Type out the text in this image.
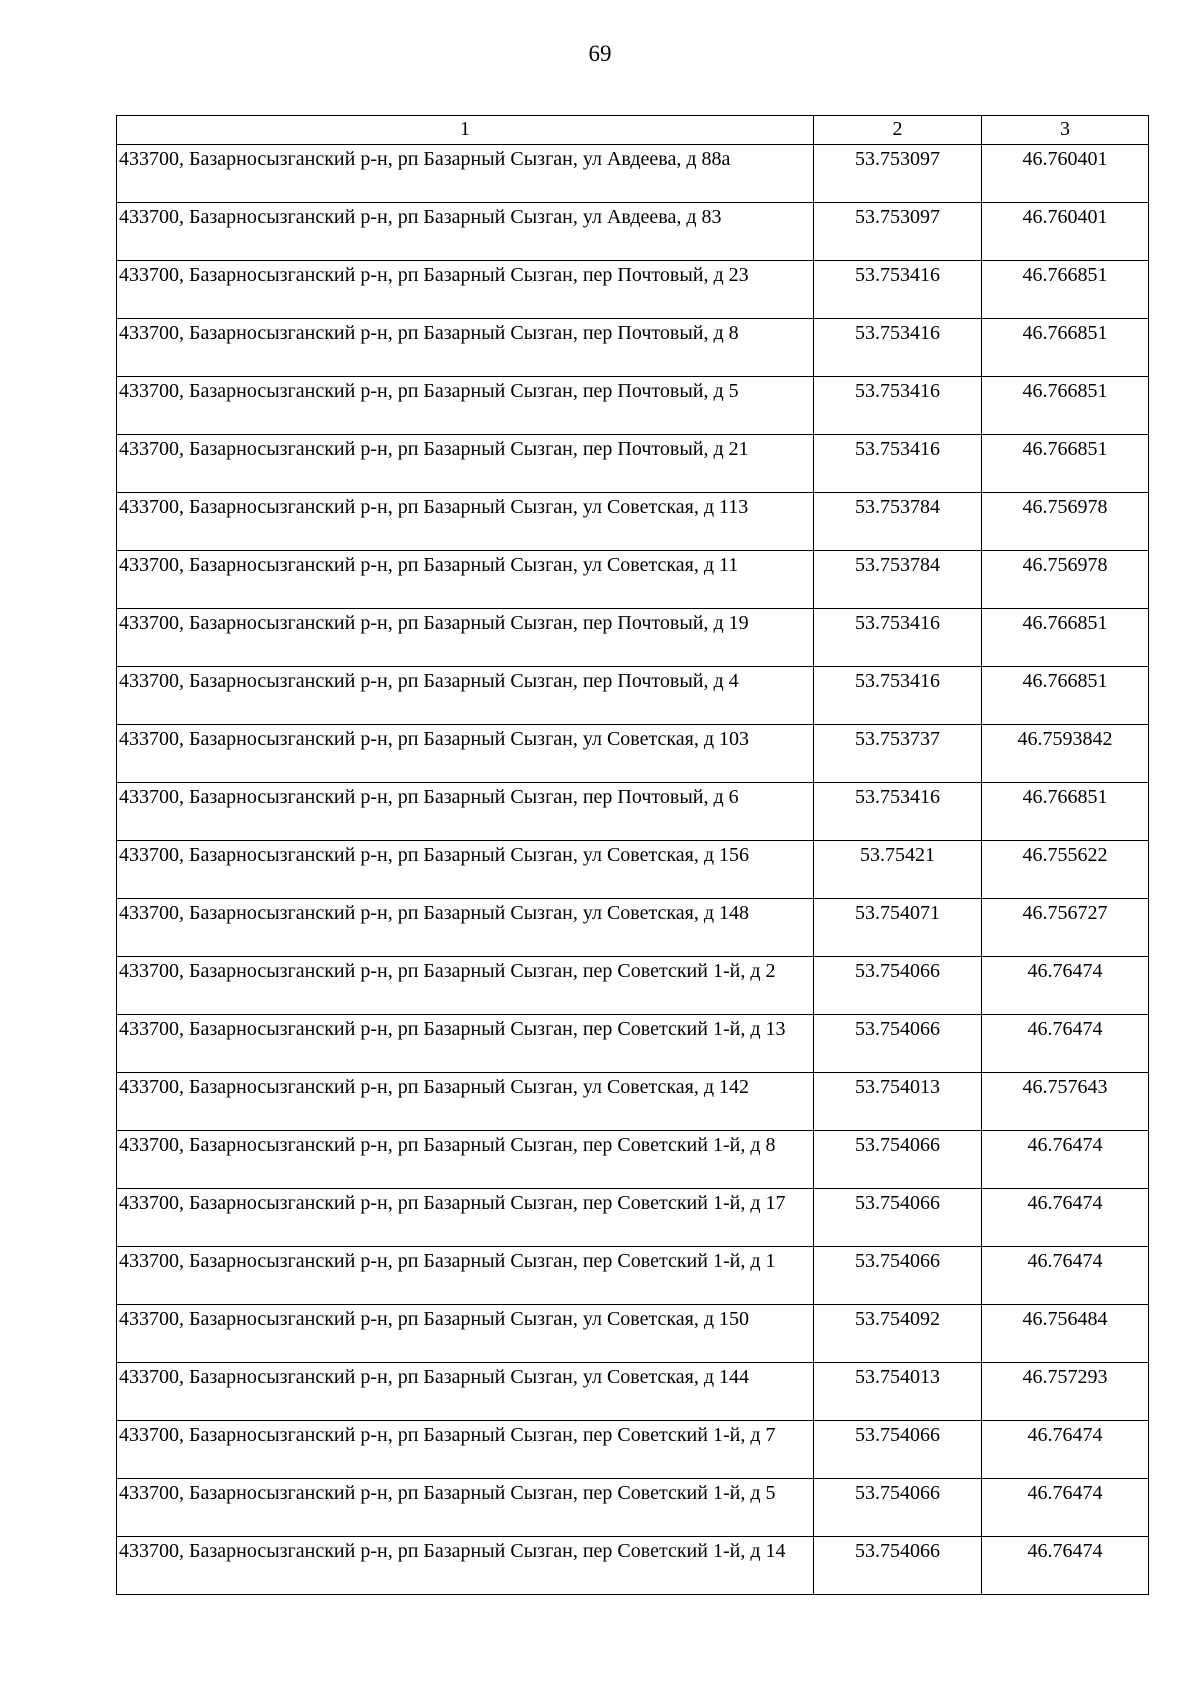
69
1	2	3
433700, Базарносызганский р-н, рп Базарный Сызган, ул Авдеева, д 88а	53.753097	46.760401
433700, Базарносызганский р-н, рп Базарный Сызган, ул Авдеева, д 83	53.753097	46.760401
433700, Базарносызганский р-н, рп Базарный Сызган, пер Почтовый, д 23	53.753416	46.766851
433700, Базарносызганский р-н, рп Базарный Сызган, пер Почтовый, д 8	53.753416	46.766851
433700, Базарносызганский р-н, рп Базарный Сызган, пер Почтовый, д 5	53.753416	46.766851
433700, Базарносызганский р-н, рп Базарный Сызган, пер Почтовый, д 21	53.753416	46.766851
433700, Базарносызганский р-н, рп Базарный Сызган, ул Советская, д 113	53.753784	46.756978
433700, Базарносызганский р-н, рп Базарный Сызган, ул Советская, д 11	53.753784	46.756978
433700, Базарносызганский р-н, рп Базарный Сызган, пер Почтовый, д 19	53.753416	46.766851
433700, Базарносызганский р-н, рп Базарный Сызган, пер Почтовый, д 4	53.753416	46.766851
433700, Базарносызганский р-н, рп Базарный Сызган, ул Советская, д 103	53.753737	46.7593842
433700, Базарносызганский р-н, рп Базарный Сызган, пер Почтовый, д 6	53.753416	46.766851
433700, Базарносызганский р-н, рп Базарный Сызган, ул Советская, д 156	53.75421	46.755622
433700, Базарносызганский р-н, рп Базарный Сызган, ул Советская, д 148	53.754071	46.756727
433700, Базарносызганский р-н, рп Базарный Сызган, пер Советский 1-й, д 2	53.754066	46.76474
433700, Базарносызганский р-н, рп Базарный Сызган, пер Советский 1-й, д 13	53.754066	46.76474
433700, Базарносызганский р-н, рп Базарный Сызган, ул Советская, д 142	53.754013	46.757643
433700, Базарносызганский р-н, рп Базарный Сызган, пер Советский 1-й, д 8	53.754066	46.76474
433700, Базарносызганский р-н, рп Базарный Сызган, пер Советский 1-й, д 17	53.754066	46.76474
433700, Базарносызганский р-н, рп Базарный Сызган, пер Советский 1-й, д 1	53.754066	46.76474
433700, Базарносызганский р-н, рп Базарный Сызган, ул Советская, д 150	53.754092	46.756484
433700, Базарносызганский р-н, рп Базарный Сызган, ул Советская, д 144	53.754013	46.757293
433700, Базарносызганский р-н, рп Базарный Сызган, пер Советский 1-й, д 7	53.754066	46.76474
433700, Базарносызганский р-н, рп Базарный Сызган, пер Советский 1-й, д 5	53.754066	46.76474
433700, Базарносызганский р-н, рп Базарный Сызган, пер Советский 1-й, д 14	53.754066	46.76474
